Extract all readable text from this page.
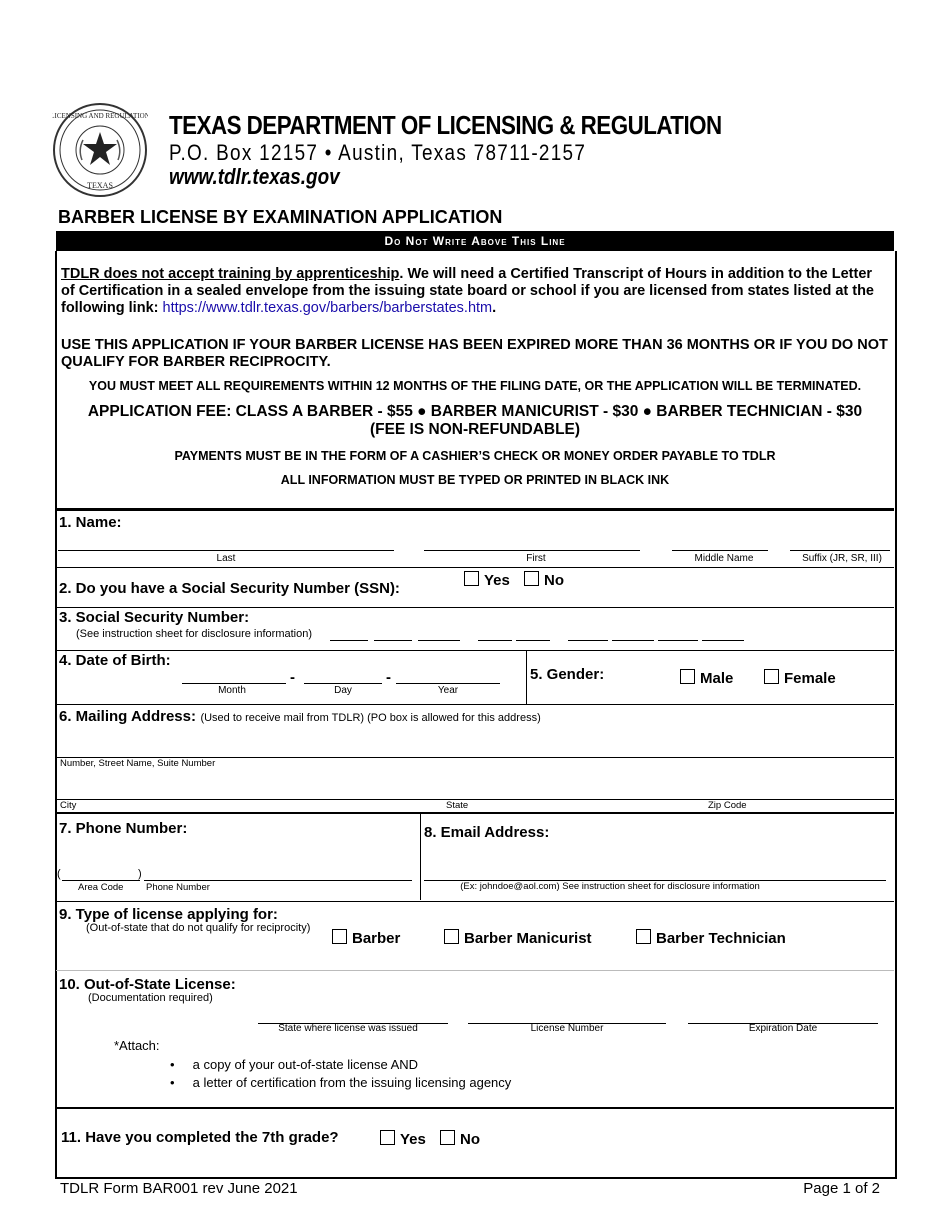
LICENSING AND REGULATION
TEXAS
TEXAS DEPARTMENT OF LICENSING & REGULATION
P.O. Box 12157 • Austin, Texas 78711-2157
www.tdlr.texas.gov
BARBER LICENSE BY EXAMINATION APPLICATION
Do Not Write Above This Line
TDLR does not accept training by apprenticeship. We will need a Certified Transcript of Hours in addition to the Letter of Certification in a sealed envelope from the issuing state board or school if you are licensed from states listed at the following link: https://www.tdlr.texas.gov/barbers/barberstates.htm.
USE THIS APPLICATION IF YOUR BARBER LICENSE HAS BEEN EXPIRED MORE THAN 36 MONTHS OR IF YOU DO NOT QUALIFY FOR BARBER RECIPROCITY.
YOU MUST MEET ALL REQUIREMENTS WITHIN 12 MONTHS OF THE FILING DATE, OR THE APPLICATION WILL BE TERMINATED.
APPLICATION FEE: CLASS A BARBER - $55 ● BARBER MANICURIST - $30 ● BARBER TECHNICIAN - $30
(FEE IS NON-REFUNDABLE)
PAYMENTS MUST BE IN THE FORM OF A CASHIER’S CHECK OR MONEY ORDER PAYABLE TO TDLR
ALL INFORMATION MUST BE TYPED OR PRINTED IN BLACK INK
1. Name:
Last	First	Middle Name	Suffix (JR, SR, III)
2. Do you have a Social Security Number (SSN):	Yes	No
3. Social Security Number:
(See instruction sheet for disclosure information)
4. Date of Birth:
-	-
Month	Day	Year
5. Gender:	Male	Female
6. Mailing Address: (Used to receive mail from TDLR) (PO box is allowed for this address)
Number, Street Name, Suite Number
City	State	Zip Code
7. Phone Number:
(	)
Area Code Phone Number
8. Email Address:
(Ex: johndoe@aol.com) See instruction sheet for disclosure information
9. Type of license applying for:
(Out-of-state that do not qualify for reciprocity)
Barber	Barber Manicurist	Barber Technician
10. Out-of-State License:
(Documentation required)
State where license was issued	License Number	Expiration Date
*Attach:
•     a copy of your out-of-state license AND
•     a letter of certification from the issuing licensing agency
11. Have you completed the 7th grade?	Yes	No
TDLR Form BAR001 rev June 2021	Page 1 of 2
